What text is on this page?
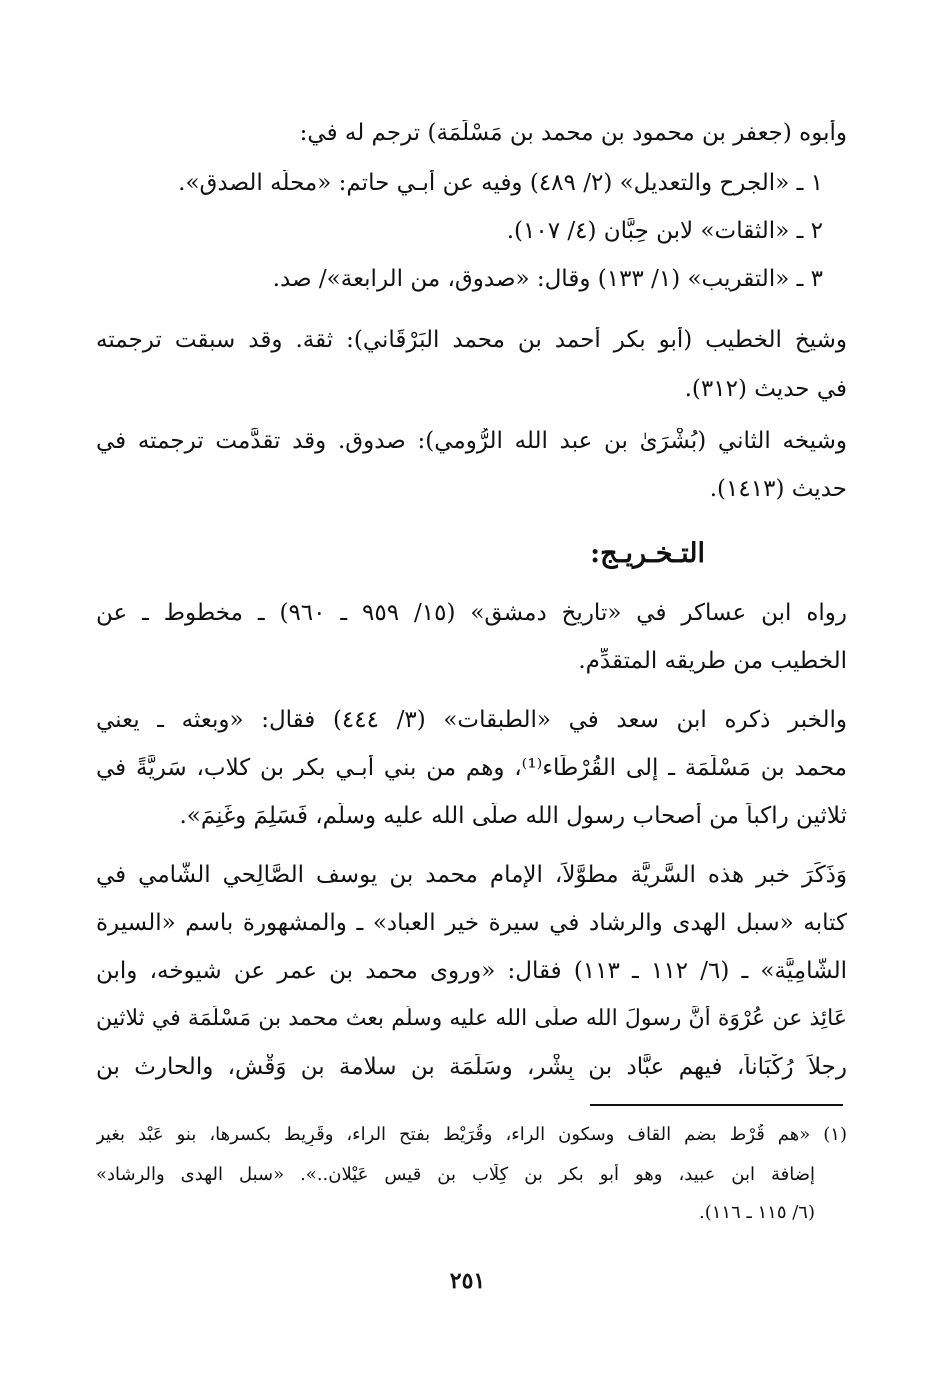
وأبوه (جعفر بن محمود بن محمد بن مَسْلَمَة) ترجم له في:
١ ـ «الجرح والتعديل» (٢/ ٤٨٩) وفيه عن أبـي حاتم: «محلُّه الصدق».
٢ ـ «الثقات» لابن حِبَّان (٤/ ١٠٧).
٣ ـ «التقريب» (١/ ١٣٣) وقال: «صدوق، من الرابعة»/ صد.
وشيخ الخطيب (أبو بكر أحمد بن محمد البَرْقَاني): ثقة. وقد سبقت ترجمته
في حديث (٣١٢).
وشيخه الثاني (بُشْرَىٰ بن عبد الله الرُّومي): صدوق. وقد تقدَّمت ترجمته في
حديث (١٤١٣).
التـخـريـج:
رواه ابن عساكر في «تاريخ دمشق» (١٥/ ٩٥٩ ـ ٩٦٠) ـ مخطوط ـ عن
الخطيب من طريقه المتقدِّم.
والخبر ذكره ابن سعد في «الطبقات» (٣/ ٤٤٤) فقال: «وبعثه ـ يعني
محمد بن مَسْلَمَة ـ إلى القُرْطَاء⁽¹⁾، وهم من بني أبـي بكر بن كلاب، سَرِيَّةً في
ثلاثين راكباً من أصحاب رسول الله صلَّى الله عليه وسلَّم، فَسَلِمَ وغَنِمَ».
وَذَكَرَ خبر هذه السَّرِيَّة مطوَّلاً، الإمام محمد بن يوسف الصَّالِحي الشَّامي في
كتابه «سبل الهدى والرشاد في سيرة خير العباد» ـ والمشهورة باسم «السيرة
الشَّامِيَّة» ـ (٦/ ١١٢ ـ ١١٣) فقال: «وروى محمد بن عمر عن شيوخه، وابن
عَائِذ عن عُرْوَة أنَّ رسولَ الله صلَّى الله عليه وسلَّم بعث محمد بن مَسْلَمَة في ثلاثين
رجلاً رُكْبَاناً، فيهم عبَّاد بن بِشْر، وسَلَمَة بن سلامة بن وَقْش، والحارث بن
(١) «هم قُرْط بضم القاف وسكون الراء، وقُرَيْط بفتح الراء، وقَرِيط بكسرها، بنو عَبْد بغير
إضافة ابن عبيد، وهو أبو بكر بن كِلَاب بن قيس عَيْلان..». «سبل الهدى والرشاد»
(٦/ ١١٥ ـ ١١٦).
٢٥١
